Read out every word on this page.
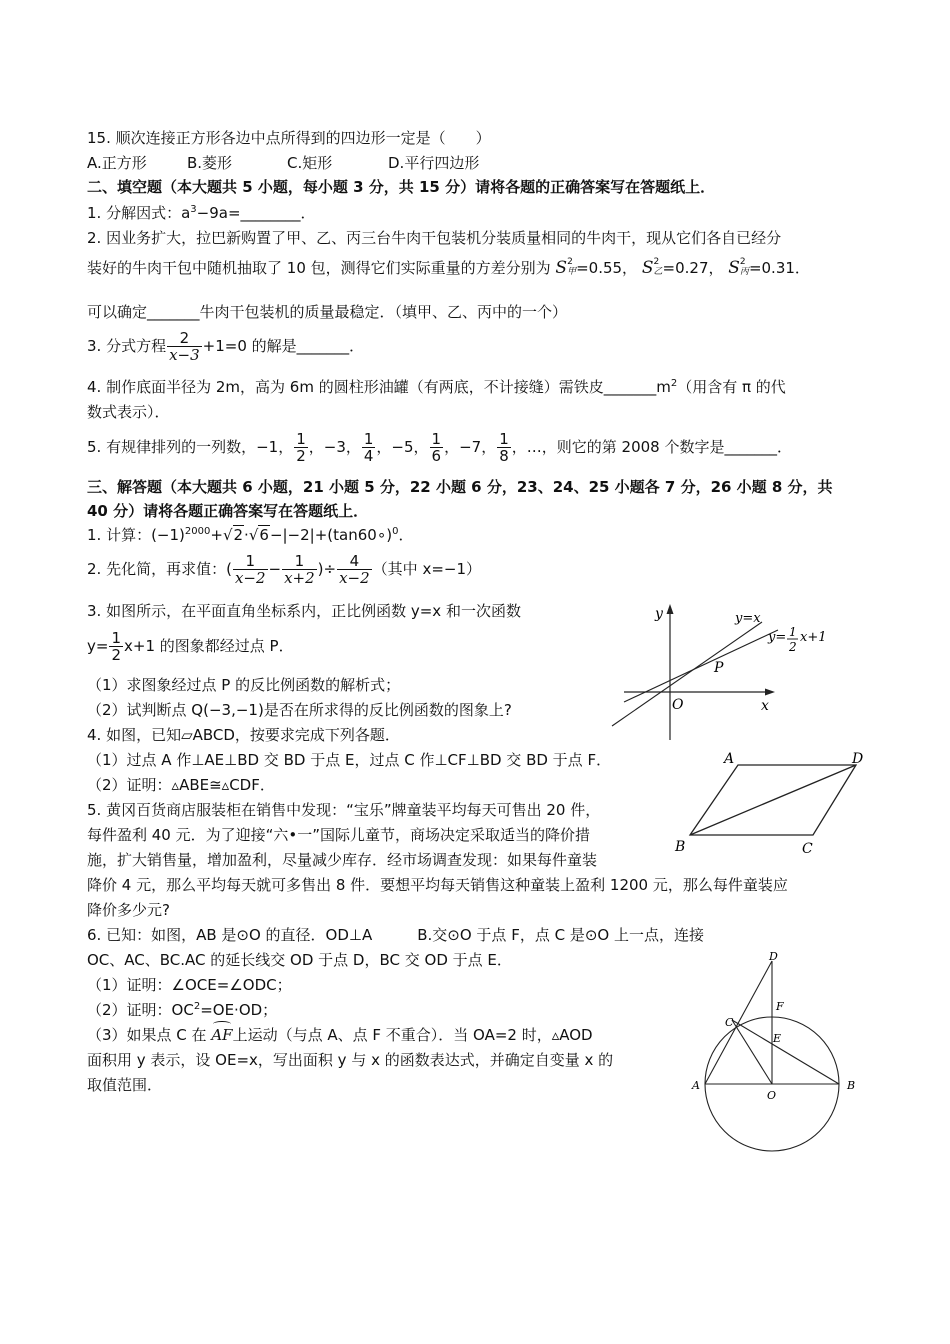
15. 顺次连接正方形各边中点所得到的四边形一定是（　　）
A.正方形	B.菱形	C.矩形	D.平行四边形
二、填空题（本大题共 5 小题，每小题 3 分，共 15 分）请将各题的正确答案写在答题纸上．
1. 分解因式：$a^3-9a=\_\_\_\_\_\_\_\_$．
2. 因业务扩大，拉巴新购置了甲、乙、丙三台牛肉干包装机分装质量相同的牛肉干，现从它们各自已经分
装好的牛肉干包中随机抽取了 10 包，测得它们实际重量的方差分别为 S 2
甲 =0.55， S 2
乙 =0.27， S 2
丙 =0.31．
可以确定_______牛肉干包装机的质量最稳定．（填甲、乙、丙中的一个）
3. 分式方程 $\frac{2}{x-3} +1=0$ 的解是_______．
4. 制作底面半径为 2m，高为 6m 的圆柱形油罐（有两底，不计接缝）需铁皮$\_\_\_\_\_\_\_m^2$（用含有 π 的代
数式表示）．
5. 有规律排列的一列数，−1， $\frac{1}{2}$ ，−3， $\frac{1}{4}$ ，−5， $\frac{1}{6}$ ，−7， $\frac{1}{8}$ ，…，则它的第 2008 个数字是_______．
三、解答题（本大题共 6 小题，21 小题 5 分，22 小题 6 分，23、24、25 小题各 7 分，26 小题 8 分，共
40 分）请将各题正确答案写在答题纸上．
1. 计算：$(-1)^{2000}+√2\cdot√6-|-2|+(\tan 60\circ)^0$．
2. 先化简，再求值：( $\frac{1}{x-2} - \frac{1}{x+2}$ )÷ $\frac{4}{x-2}$ （其中 x=−1）
3. 如图所示，在平面直角坐标系内，正比例函数 y=x 和一次函数
$y= \frac{1}{2} x+1$ 的图象都经过点 P．
（1）求图象经过点 P 的反比例函数的解析式；
（2）试判断点 Q(−3,−1)是否在所求得的反比例函数的图象上?
4. 如图，已知▱ABCD，按要求完成下列各题．
（1）过点 A 作⊥AE⊥BD 交 BD 于点 E，过点 C 作⊥CF⊥BD 交 BD 于点 F．
（2）证明：▵ABE≅▵CDF．
5. 黄冈百货商店服装柜在销售中发现：“宝乐”牌童装平均每天可售出 20 件，
每件盈利 40 元．为了迎接“六•一”国际儿童节，商场决定采取适当的降价措
施，扩大销售量，增加盈利，尽量减少库存．经市场调查发现：如果每件童装
降价 4 元，那么平均每天就可多售出 8 件．要想平均每天销售这种童装上盈利 1200 元，那么每件童装应
降价多少元?
6. 已知：如图，AB 是⊙O 的直径．OD⊥A　　　B.交⊙O 于点 F，点 C 是⊙O 上一点，连接
OC、AC、BC.AC 的延长线交 OD 于点 D，BC 交 OD 于点 E．
（1）证明：∠OCE=∠ODC；
（2）证明：$OC^2=OE\cdot OD$；
（3）如果点 C 在
AF上运动（与点 A、点 F 不重合）．当 OA=2 时，▵AOD
面积用 y 表示，设 OE=x，写出面积 y 与 x 的函数表达式，并确定自变量 x 的
取值范围．
y
x
O
P
y=x
y= 1
2
x+1
A	D
B	C
D
F
C
E
A	B
O
